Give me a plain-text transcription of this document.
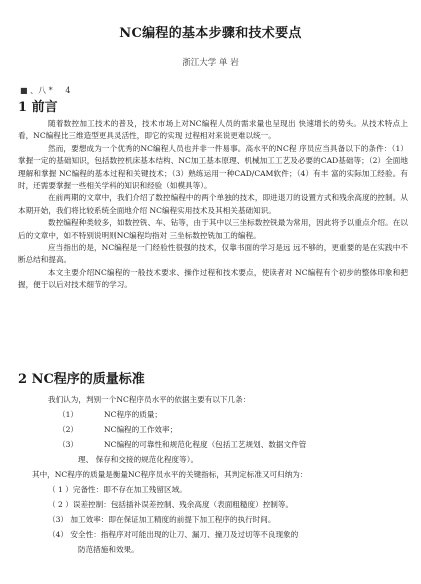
NC编程的基本步骤和技术要点
浙江大学 单 岩
■ 、八 *     4
1 前言

随着数控加工技术的普及，技术市场上对NC编程人员的需求量也呈现出 快速增长的势头。从技术特点上看，NC编程比三维造型更具灵活性，即它的实现 过程相对来说更难以统一。

然而，要想成为一个优秀的NC编程人员也并非一件易事。高水平的NC程 序员应当具备以下的条件：（1）掌握一定的基础知识，包括数控机床基本结构、NC加工基本原理、机械加工工艺及必要的CAD基础等；（2）全面地理解和掌握 NC编程的基本过程和关键技术；（3）熟练运用一种CAD/CAM软件；（4）有丰 富的实际加工经验。有时，还需要掌握一些相关学科的知识和经验（如模具等）。

在前两期的文章中，我们介绍了数控编程中的两个单独的技术，即进退刀的设置方式和残余高度的控制。从本期开始，我们将比较系统全面地介绍 NC编程实用技术及其相关基础知识。

数控编程种类较多，如数控铣、车、钻等，由于其中以三坐标数控铣最为常用，因此将予以重点介绍。在以后的文章中，如不特别说明则NC编程均指对 三坐标数控铣加工的编程。

应当指出的是，NC编程是一门经验性很强的技术，仅靠书面的学习是远 远不够的，更重要的是在实践中不断总结和提高。

本文主要介绍NC编程的一般技术要求、操作过程和技术要点，使读者对 NC编程有个初步的整体印象和把握，便于以后对技术细节的学习。

2 NC程序的质量标准
我们认为，判别一个NC程序员水平的依据主要有以下几条：
（1）	NC程序的质量；
（2）	NC编程的工作效率；
（3）	NC编程的可靠性和规范化程度（包括工艺规划、数据文件管
理、 保存和交接的规范化程度等）。
其中，NC程序的质量是衡量NC程序员水平的关键指标，其判定标准又可归纳为：
（ 1 ）完备性：即不存在加工残留区域。
（ 2 ）误差控制：包括插补误差控制、残余高度（表面粗糙度）控制等。
（3） 加工效率：即在保证加工精度的前提下加工程序的执行时间。
（4） 安全性：指程序对可能出现的让刀、漏刀、撞刀及过切等不良现象的
防范措施和效果。
